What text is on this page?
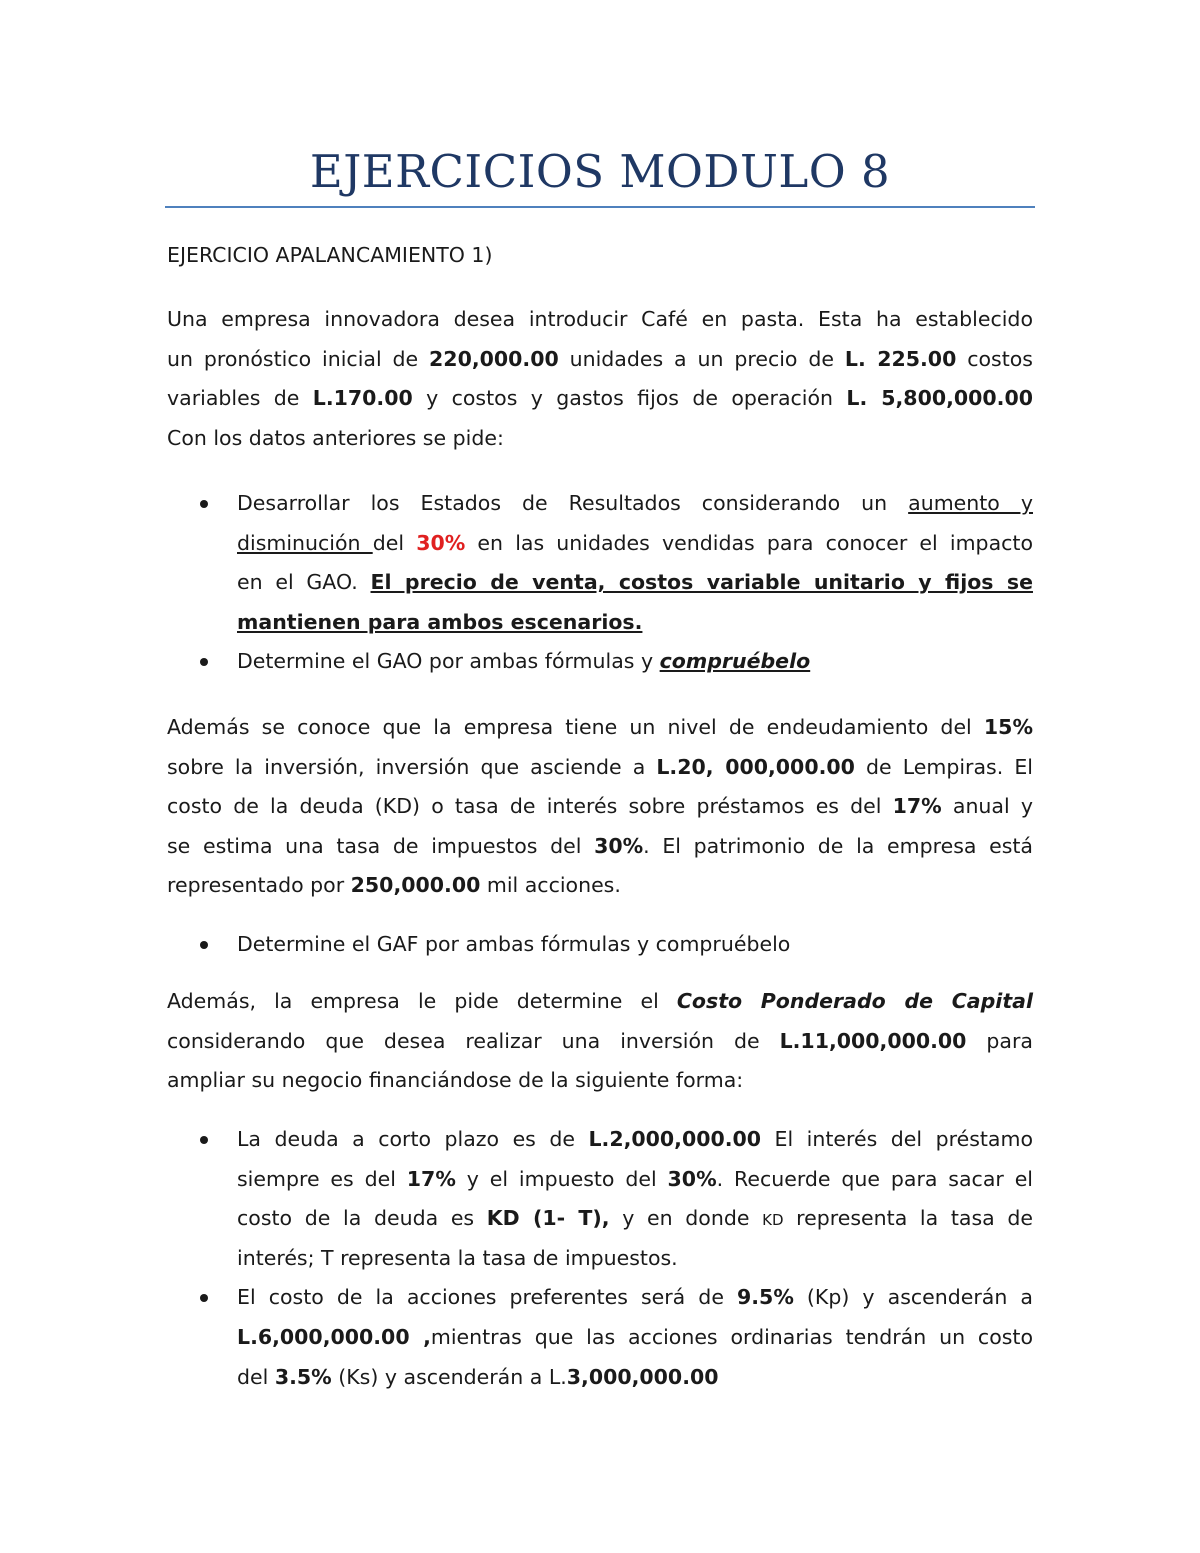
EJERCICIOS MODULO 8
EJERCICIO APALANCAMIENTO 1)
Una empresa innovadora desea introducir Café en pasta. Esta ha establecido
un pronóstico inicial de 220,000.00 unidades a un precio de L. 225.00 costos
variables de L.170.00 y costos y gastos fijos de operación L. 5,800,000.00
Con los datos anteriores se pide:
Desarrollar los Estados de Resultados considerando un aumento y
disminución del 30% en las unidades vendidas para conocer el impacto
en el GAO. El precio de venta, costos variable unitario y fijos se
mantienen para ambos escenarios.
Determine el GAO por ambas fórmulas y compruébelo
Además se conoce que la empresa tiene un nivel de endeudamiento del 15%
sobre la inversión, inversión que asciende a L.20, 000,000.00 de Lempiras. El
costo de la deuda (KD) o tasa de interés sobre préstamos es del 17% anual y
se estima una tasa de impuestos del 30%. El patrimonio de la empresa está
representado por 250,000.00 mil acciones.
Determine el GAF por ambas fórmulas y compruébelo
Además, la empresa le pide determine el Costo Ponderado de Capital
considerando que desea realizar una inversión de L.11,000,000.00 para
ampliar su negocio financiándose de la siguiente forma:
La deuda a corto plazo es de L.2,000,000.00 El interés del préstamo
siempre es del 17% y el impuesto del 30%. Recuerde que para sacar el
costo de la deuda es KD (1- T), y en donde KD representa la tasa de
interés; T representa la tasa de impuestos.
El costo de la acciones preferentes será de 9.5% (Kp) y ascenderán a
L.6,000,000.00 ,mientras que las acciones ordinarias tendrán un costo
del 3.5% (Ks) y ascenderán a L.3,000,000.00
